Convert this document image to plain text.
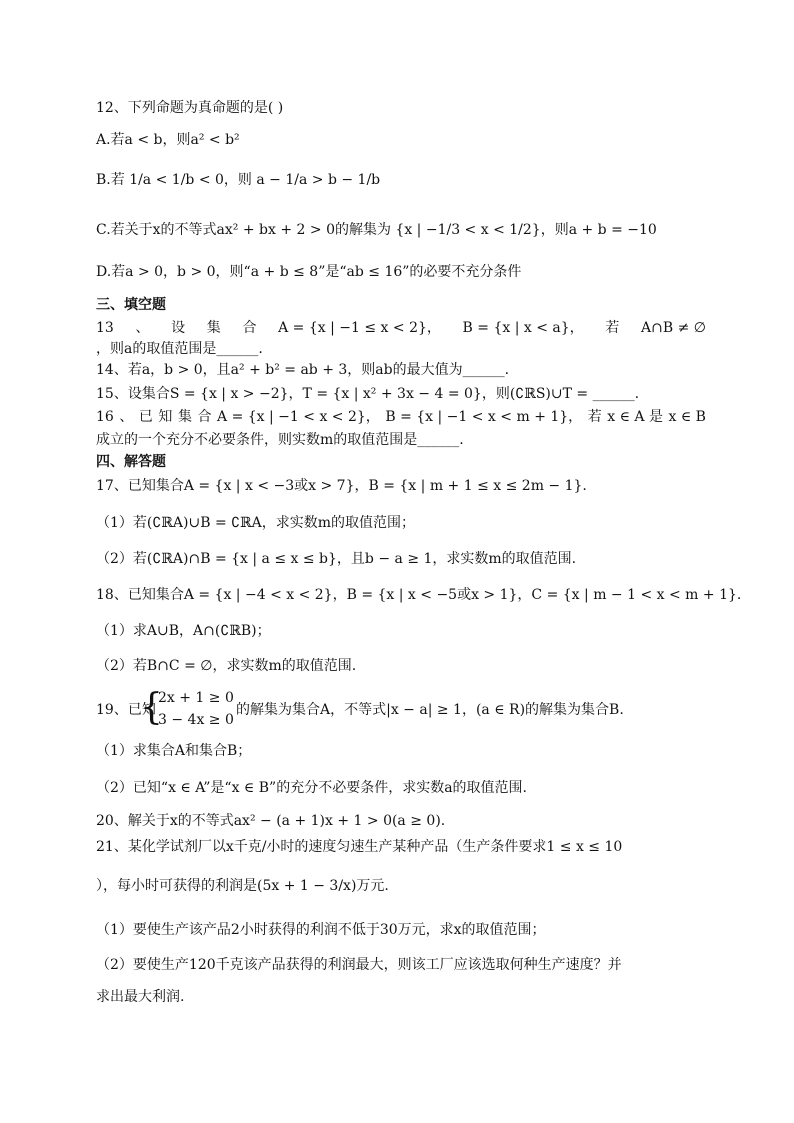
12、下列命题为真命题的是( )
A.若a < b，则a² < b²
B.若 1/a < 1/b < 0，则 a − 1/a > b − 1/b
C.若关于x的不等式ax² + bx + 2 > 0的解集为 {x | −1/3 < x < 1/2}，则a + b = −10
D.若a > 0，b > 0，则“a + b ≤ 8”是“ab ≤ 16”的必要不充分条件
三、填空题
13 、 设 集 合 A = {x | −1 ≤ x < 2}， B = {x | x < a}， 若 A∩B ≠ ∅
，则a的取值范围是______.
14、若a，b > 0，且a² + b² = ab + 3，则ab的最大值为______.
15、设集合S = {x | x > −2}，T = {x | x² + 3x − 4 = 0}，则(∁ℝS)∪T = ______.
16 、 已 知 集 合 A = {x | −1 < x < 2}， B = {x | −1 < x < m + 1}， 若 x ∈ A 是 x ∈ B
成立的一个充分不必要条件，则实数m的取值范围是______.
四、解答题
17、已知集合A = {x | x < −3或x > 7}，B = {x | m + 1 ≤ x ≤ 2m − 1}.
（1）若(∁ℝA)∪B = ∁ℝA，求实数m的取值范围；
（2）若(∁ℝA)∩B = {x | a ≤ x ≤ b}，且b − a ≥ 1，求实数m的取值范围.
18、已知集合A = {x | −4 < x < 2}，B = {x | x < −5或x > 1}，C = {x | m − 1 < x < m + 1}.
（1）求A∪B，A∩(∁ℝB)；
（2）若B∩C = ∅，求实数m的取值范围.
19、已知
{
2x + 1 ≥ 0
3 − 4x ≥ 0
的解集为集合A，不等式|x − a| ≥ 1，(a ∈ R)的解集为集合B.
（1）求集合A和集合B；
（2）已知“x ∈ A”是“x ∈ B”的充分不必要条件，求实数a的取值范围.
20、解关于x的不等式ax² − (a + 1)x + 1 > 0(a ≥ 0).
21、某化学试剂厂以x千克/小时的速度匀速生产某种产品（生产条件要求1 ≤ x ≤ 10
），每小时可获得的利润是(5x + 1 − 3/x)万元.
（1）要使生产该产品2小时获得的利润不低于30万元，求x的取值范围；
（2）要使生产120千克该产品获得的利润最大，则该工厂应该选取何种生产速度？并
求出最大利润.
